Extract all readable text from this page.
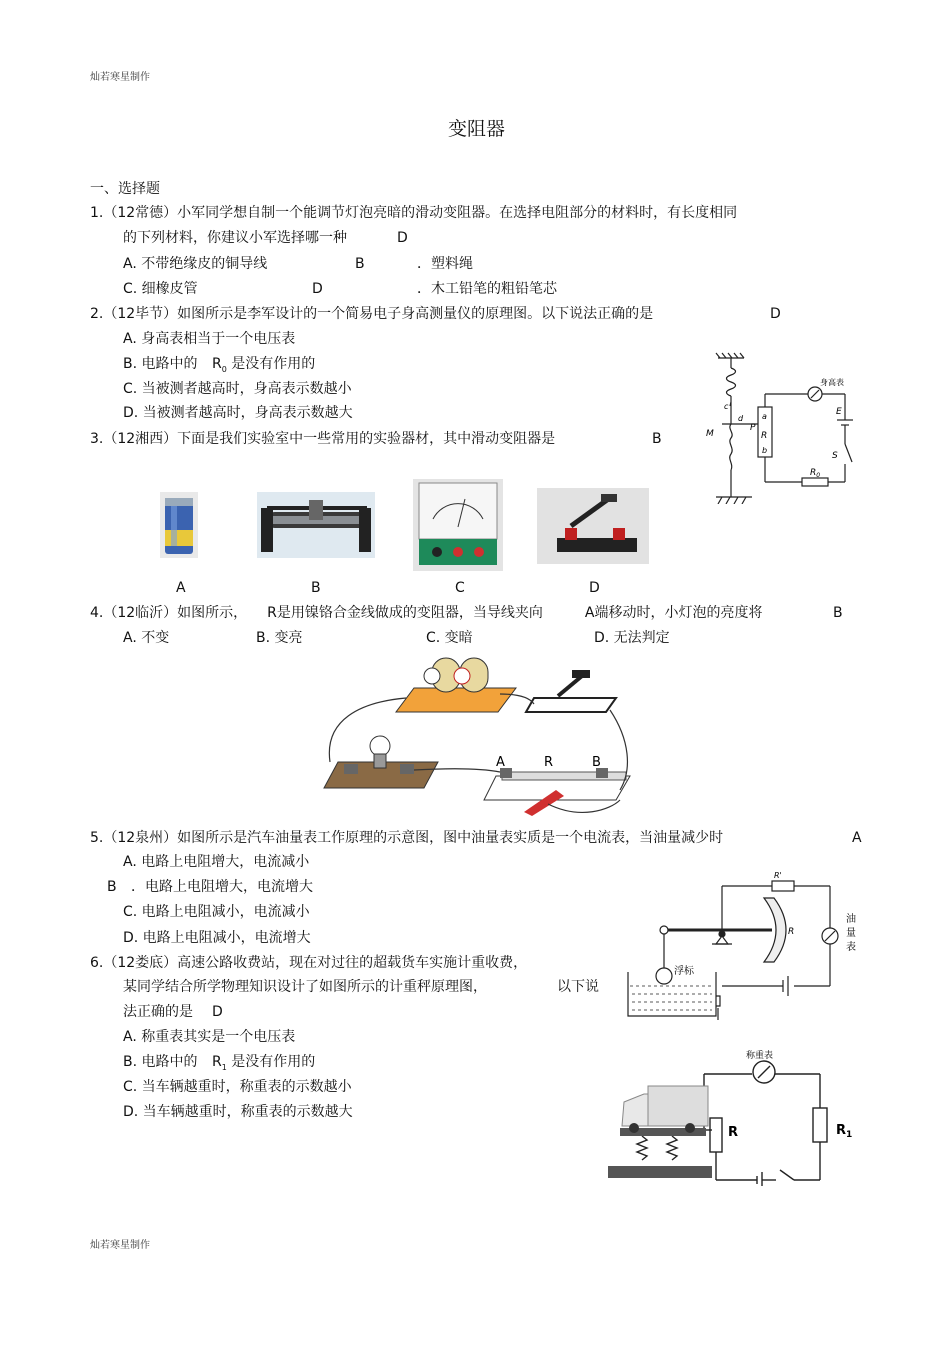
灿若寒星制作
变阻器
一、选择题
1.（12常德）小军同学想自制一个能调节灯泡亮暗的滑动变阻器。在选择电阻部分的材料时，有长度相同
的下列材料，你建议小军选择哪一种	D
A. 不带绝缘皮的铜导线	B	．塑料绳
C. 细橡皮管	D	．木工铅笔的粗铅笔芯
2.（12毕节）如图所示是李军设计的一个简易电子身高测量仪的原理图。以下说法正确的是	D
A. 身高表相当于一个电压表
B. 电路中的 $R_0$ 是没有作用的
C. 当被测者越高时，身高表示数越小
D. 当被测者越高时，身高表示数越大
身高表
M
P
c
d a
R
b
E
S
$R_0$
3.（12湘西）下面是我们实验室中一些常用的实验器材，其中滑动变阻器是	B
A	B	C	D
4.（12临沂）如图所示， R是用镍铬合金线做成的变阻器，当导线夹向	A端移动时，小灯泡的亮度将	B
A. 不变	B. 变亮	C. 变暗	D. 无法判定
A	R	B
5.（12泉州）如图所示是汽车油量表工作原理的示意图，图中油量表实质是一个电流表，当油量减少时	A
A. 电路上电阻增大，电流减小
B ．电路上电阻增大，电流增大
C. 电路上电阻减小，电流减小
D. 电路上电阻减小，电流增大
R'
R
油
量
表
浮标
6.（12娄底）高速公路收费站，现在对过往的超载货车实施计重收费，
某同学结合所学物理知识设计了如图所示的计重秤原理图，	以下说
法正确的是 D
A. 称重表其实是一个电压表
B. 电路中的 $R_1$ 是没有作用的
C. 当车辆越重时，称重表的示数越小
D. 当车辆越重时，称重表的示数越大
称重表
R	$R_1$
灿若寒星制作
